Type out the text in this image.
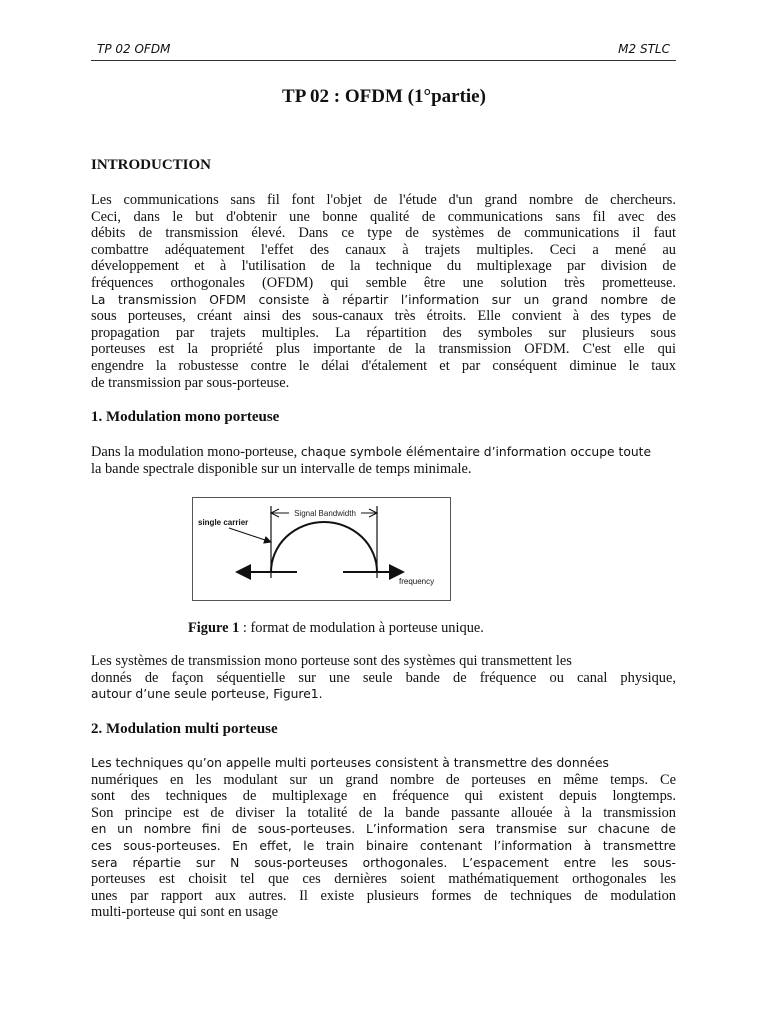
TP 02 OFDM	M2 STLC
TP 02 : OFDM (1°partie)
INTRODUCTION
Les communications sans fil font l'objet de l'étude d'un grand nombre de chercheurs.
Ceci, dans le but d'obtenir une bonne qualité de communications sans fil avec des
débits de transmission élevé. Dans ce type de systèmes de communications il faut
combattre adéquatement l'effet des canaux à trajets multiples. Ceci a mené au
développement et à l'utilisation de la technique du multiplexage par division de
fréquences orthogonales (OFDM) qui semble être une solution très prometteuse.
La transmission OFDM consiste à répartir l’information sur un grand nombre de
sous porteuses, créant ainsi des sous-canaux très étroits. Elle convient à des types de
propagation par trajets multiples. La répartition des symboles sur plusieurs sous
porteuses est la propriété plus importante de la transmission OFDM. C'est elle qui
engendre la robustesse contre le délai d'étalement et par conséquent diminue le taux
de transmission par sous-porteuse.
1. Modulation mono porteuse
Dans la modulation mono-porteuse, chaque symbole élémentaire d’information occupe toute
la bande spectrale disponible sur un intervalle de temps minimale.
Signal Bandwidth
single carrier
frequency
Figure 1 : format de modulation à porteuse unique.
Les systèmes de transmission mono porteuse sont des systèmes qui transmettent les
donnés de façon séquentielle sur une seule bande de fréquence ou canal physique,
autour d’une seule porteuse, Figure1.
2. Modulation multi porteuse
Les techniques qu’on appelle multi porteuses consistent à transmettre des données
numériques en les modulant sur un grand nombre de porteuses en même temps. Ce
sont des techniques de multiplexage en fréquence qui existent depuis longtemps.
Son principe est de diviser la totalité de la bande passante allouée à la transmission
en un nombre fini de sous-porteuses. L’information sera transmise sur chacune de
ces sous-porteuses. En effet, le train binaire contenant l’information à transmettre
sera répartie sur N sous-porteuses orthogonales. L’espacement entre les sous-
porteuses est choisit tel que ces dernières soient mathématiquement orthogonales les
unes par rapport aux autres. Il existe plusieurs formes de techniques de modulation
multi-porteuse qui sont en usage
